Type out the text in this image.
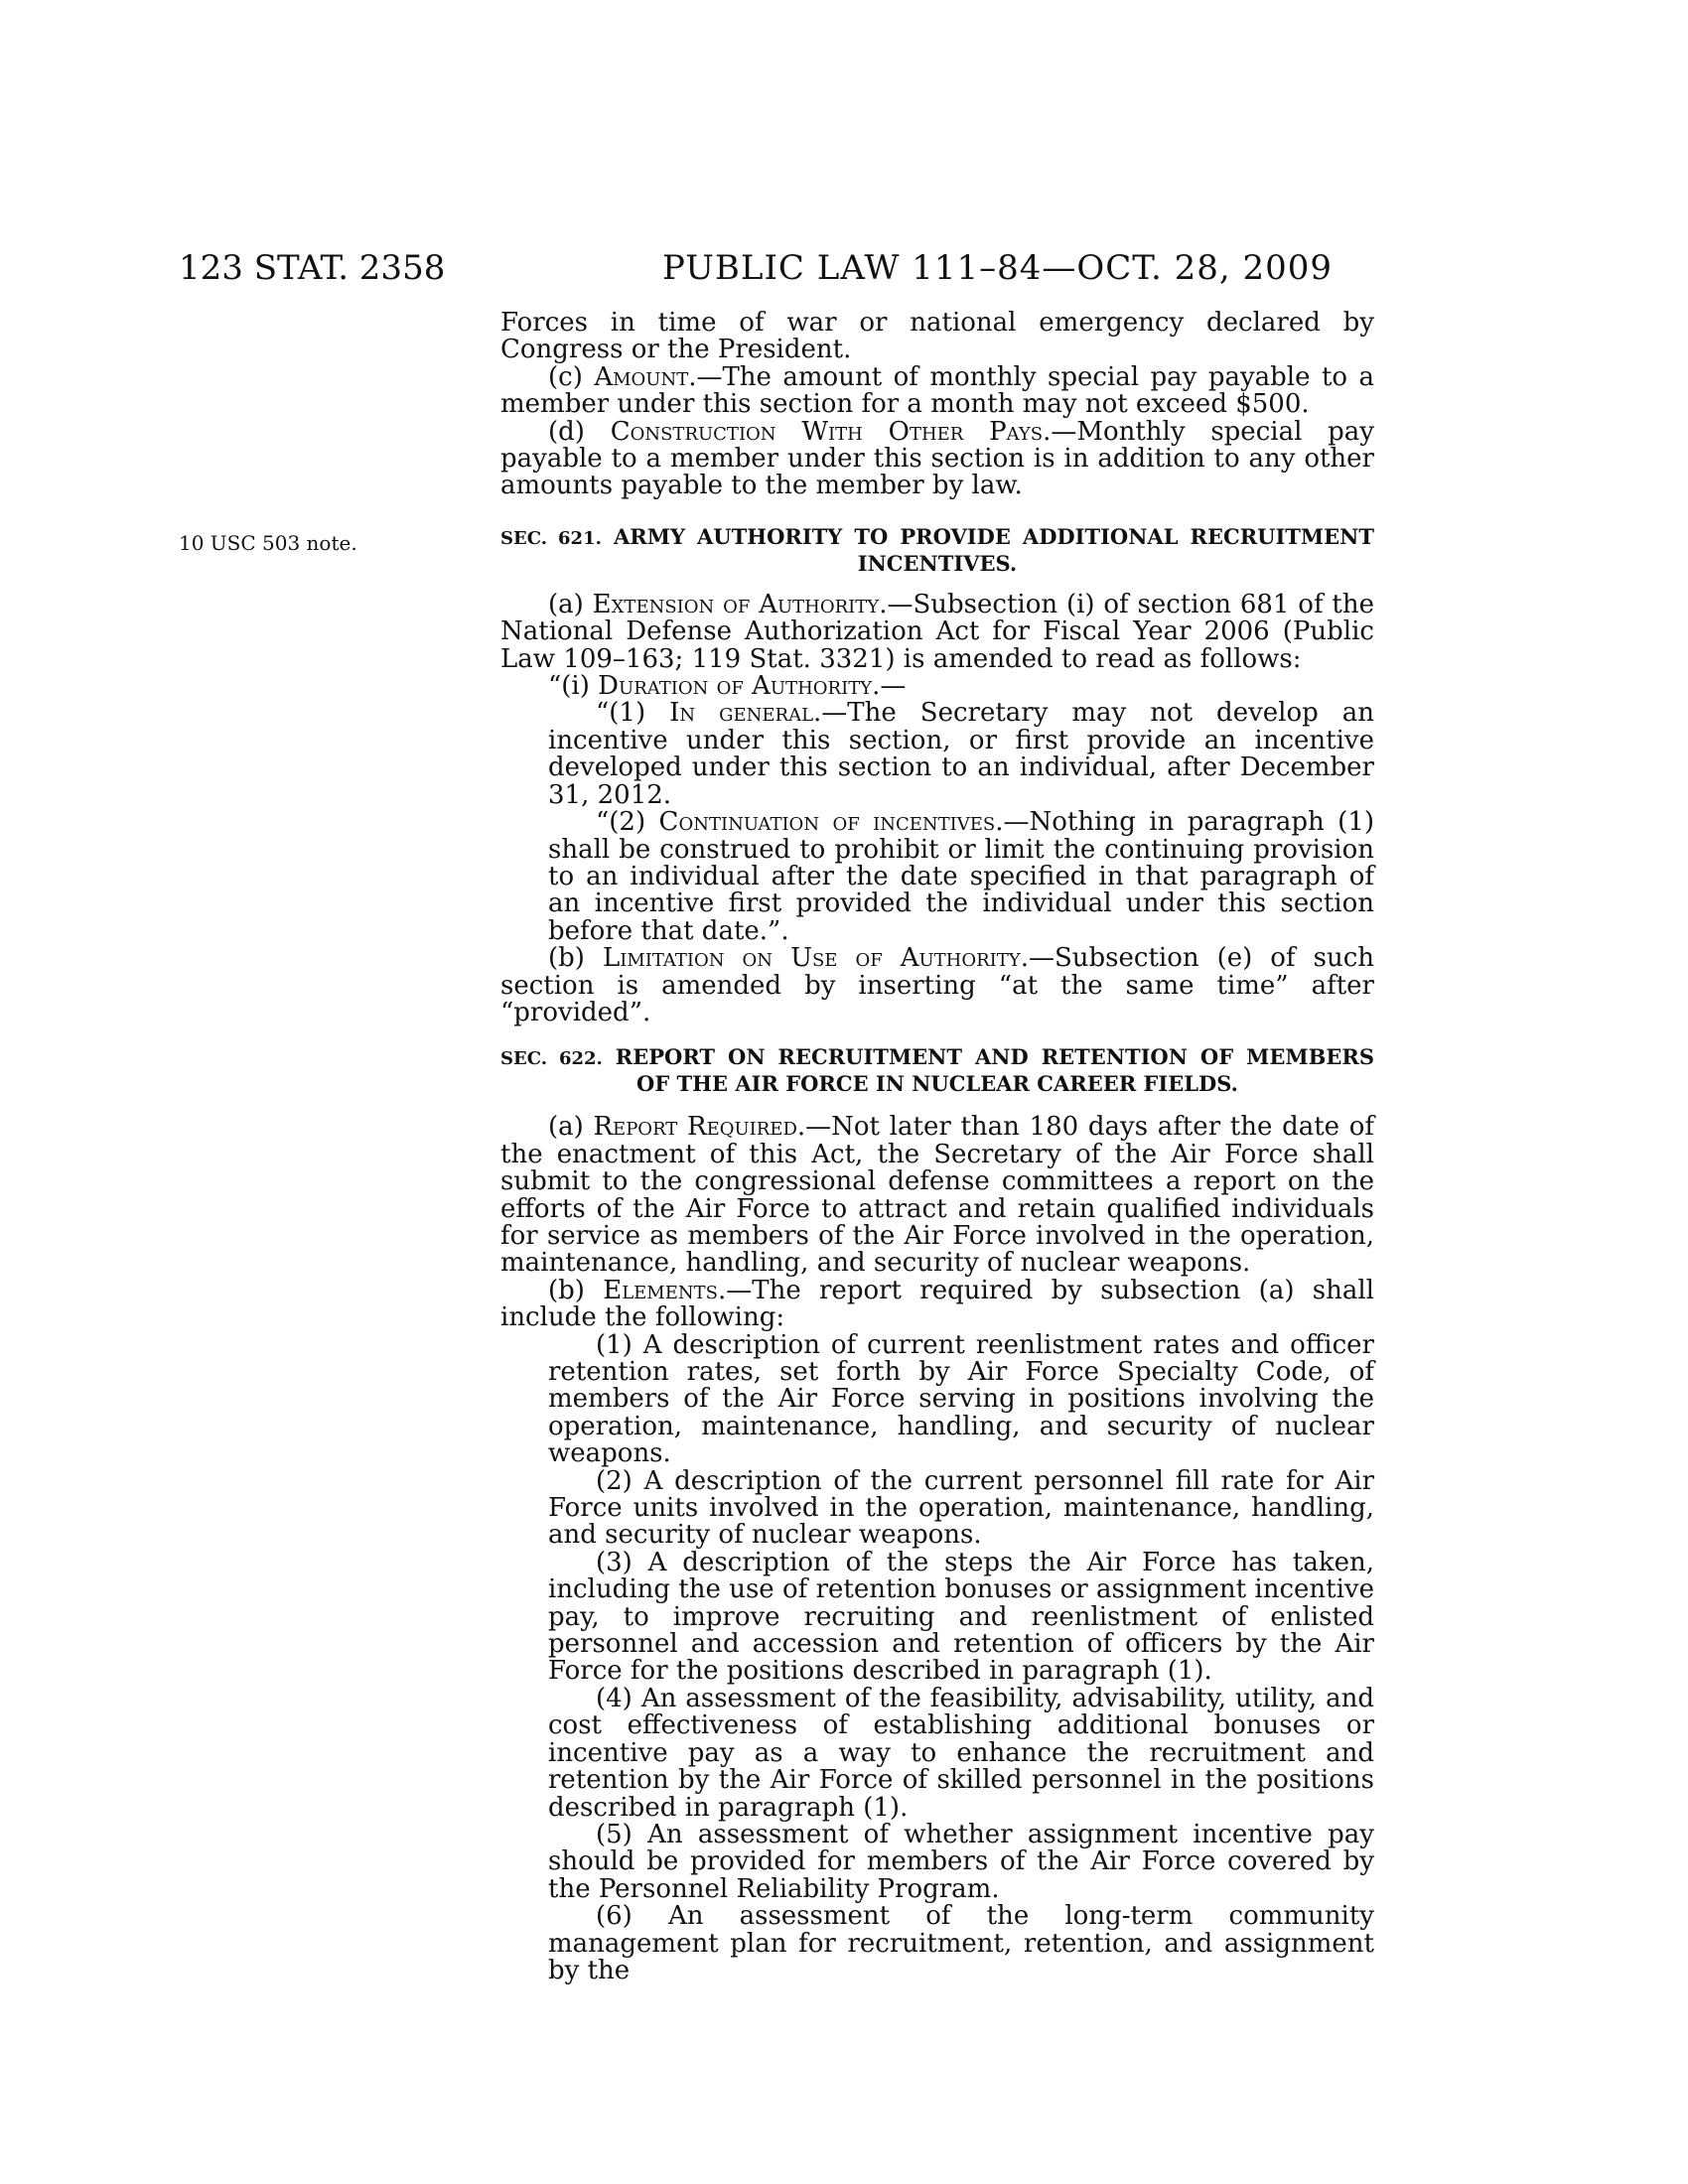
123 STAT. 2358	PUBLIC LAW 111–84—OCT. 28, 2009
10 USC 503 note.

Forces in time of war or national emergency declared by Congress or the President.

(c) Amount.—The amount of monthly special pay payable to a member under this section for a month may not exceed $500.

(d) Construction With Other Pays.—Monthly special pay payable to a member under this section is in addition to any other amounts payable to the member by law.

SEC. 621. ARMY AUTHORITY TO PROVIDE ADDITIONAL RECRUITMENT
INCENTIVES.

(a) Extension of Authority.—Subsection (i) of section 681 of the National Defense Authorization Act for Fiscal Year 2006 (Public Law 109–163; 119 Stat. 3321) is amended to read as follows:

“(i) Duration of Authority.—

“(1) In general.—The Secretary may not develop an incentive under this section, or first provide an incentive developed under this section to an individual, after December 31, 2012.

“(2) Continuation of incentives.—Nothing in paragraph (1) shall be construed to prohibit or limit the continuing provision to an individual after the date specified in that paragraph of an incentive first provided the individual under this section before that date.”.

(b) Limitation on Use of Authority.—Subsection (e) of such section is amended by inserting “at the same time” after “provided”.

SEC. 622. REPORT ON RECRUITMENT AND RETENTION OF MEMBERS
OF THE AIR FORCE IN NUCLEAR CAREER FIELDS.

(a) Report Required.—Not later than 180 days after the date of the enactment of this Act, the Secretary of the Air Force shall submit to the congressional defense committees a report on the efforts of the Air Force to attract and retain qualified individuals for service as members of the Air Force involved in the operation, maintenance, handling, and security of nuclear weapons.

(b) Elements.—The report required by subsection (a) shall include the following:

(1) A description of current reenlistment rates and officer retention rates, set forth by Air Force Specialty Code, of members of the Air Force serving in positions involving the operation, maintenance, handling, and security of nuclear weapons.

(2) A description of the current personnel fill rate for Air Force units involved in the operation, maintenance, handling, and security of nuclear weapons.

(3) A description of the steps the Air Force has taken, including the use of retention bonuses or assignment incentive pay, to improve recruiting and reenlistment of enlisted personnel and accession and retention of officers by the Air Force for the positions described in paragraph (1).

(4) An assessment of the feasibility, advisability, utility, and cost effectiveness of establishing additional bonuses or incentive pay as a way to enhance the recruitment and retention by the Air Force of skilled personnel in the positions described in paragraph (1).

(5) An assessment of whether assignment incentive pay should be provided for members of the Air Force covered by the Personnel Reliability Program.

(6) An assessment of the long-term community management plan for recruitment, retention, and assignment by the
